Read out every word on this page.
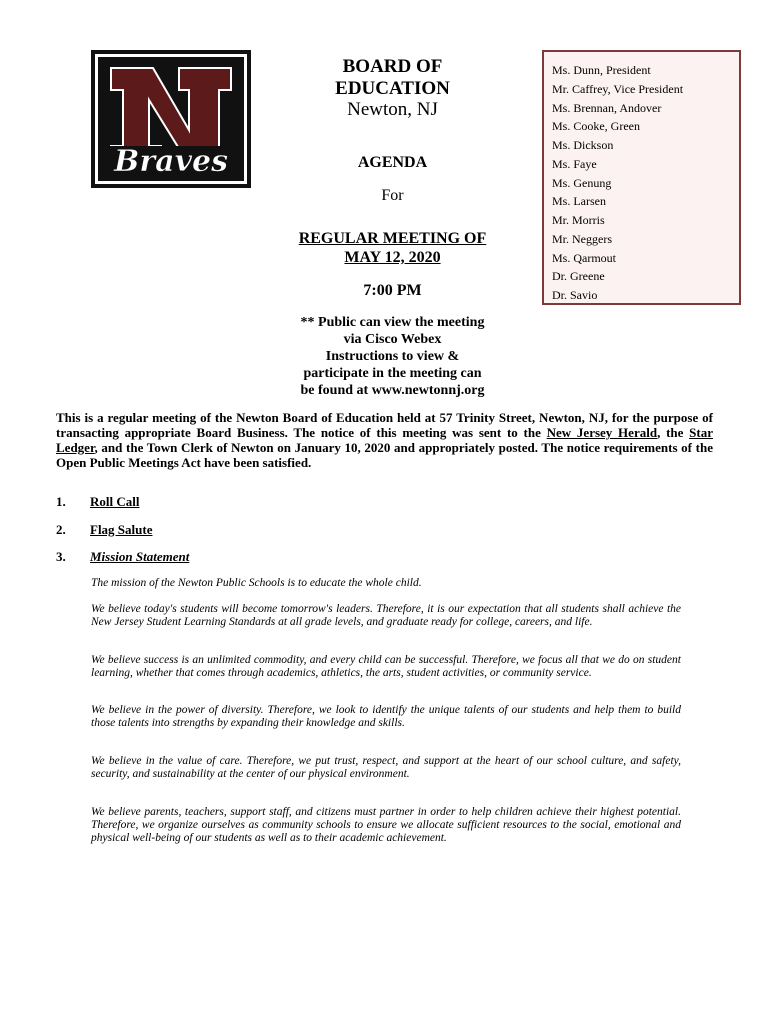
Braves
BOARD OF
EDUCATION
Newton, NJ
AGENDA
For
REGULAR MEETING OF
MAY 12, 2020
7:00 PM
** Public can view the meeting
via Cisco Webex
Instructions to view &
participate in the meeting can
be found at www.newtonnj.org
Ms. Dunn, President
Mr. Caffrey, Vice President
Ms. Brennan, Andover
Ms. Cooke, Green
Ms. Dickson
Ms. Faye
Ms. Genung
Ms. Larsen
Mr. Morris
Mr. Neggers
Ms. Qarmout
Dr. Greene
Dr. Savio
This is a regular meeting of the Newton Board of Education held at 57 Trinity Street, Newton, NJ, for the purpose of transacting appropriate Board Business. The notice of this meeting was sent to the New Jersey Herald, the Star Ledger, and the Town Clerk of Newton on January 10, 2020 and appropriately posted. The notice requirements of the Open Public Meetings Act have been satisfied.
1. Roll Call
2. Flag Salute
3. Mission Statement
The mission of the Newton Public Schools is to educate the whole child.
We believe today's students will become tomorrow's leaders. Therefore, it is our expectation that all students shall achieve the New Jersey Student Learning Standards at all grade levels, and graduate ready for college, careers, and life.
We believe success is an unlimited commodity, and every child can be successful. Therefore, we focus all that we do on student learning, whether that comes through academics, athletics, the arts, student activities, or community service.
We believe in the power of diversity. Therefore, we look to identify the unique talents of our students and help them to build those talents into strengths by expanding their knowledge and skills.
We believe in the value of care. Therefore, we put trust, respect, and support at the heart of our school culture, and safety, security, and sustainability at the center of our physical environment.
We believe parents, teachers, support staff, and citizens must partner in order to help children achieve their highest potential. Therefore, we organize ourselves as community schools to ensure we allocate sufficient resources to the social, emotional and physical well-being of our students as well as to their academic achievement.
